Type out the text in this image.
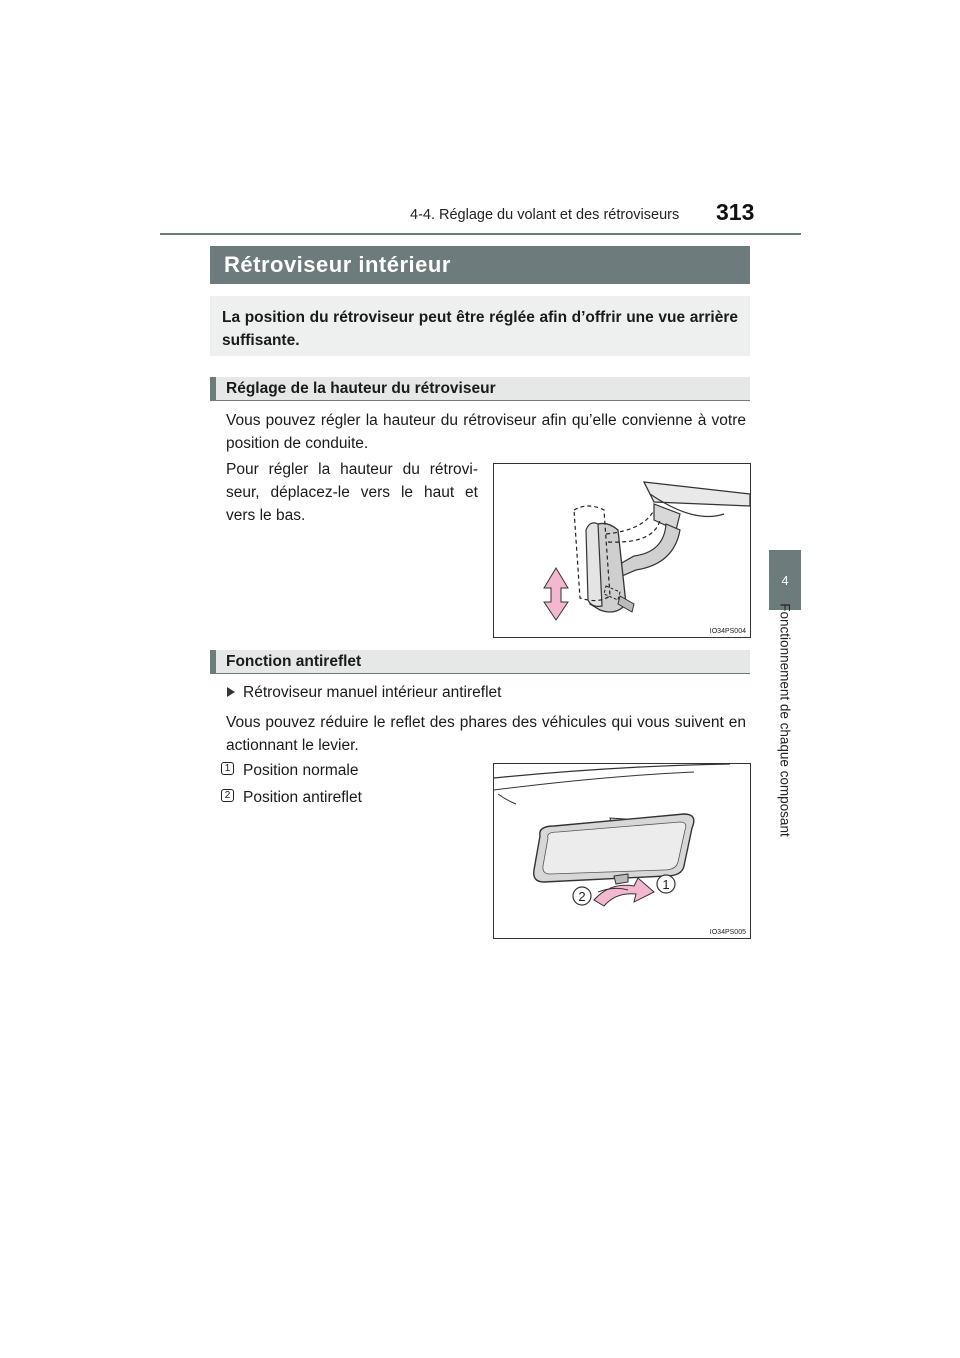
4-4. Réglage du volant et des rétroviseurs 313
4
Fonctionnement de chaque composant
Rétroviseur intérieur

La position du rétroviseur peut être réglée afin d’offrir une vue arrière suffisante.

Réglage de la hauteur du rétroviseur
Vous pouvez régler la hauteur du rétroviseur afin qu’elle convienne à votre position de conduite.
Pour régler la hauteur du rétrovi-seur, déplacez-le vers le haut et vers le bas.
IO34PS004
Fonction antireflet
Rétroviseur manuel intérieur antireflet
Vous pouvez réduire le reflet des phares des véhicules qui vous suivent en actionnant le levier.
1 Position normale
2 Position antireflet
1
2
IO34PS005
